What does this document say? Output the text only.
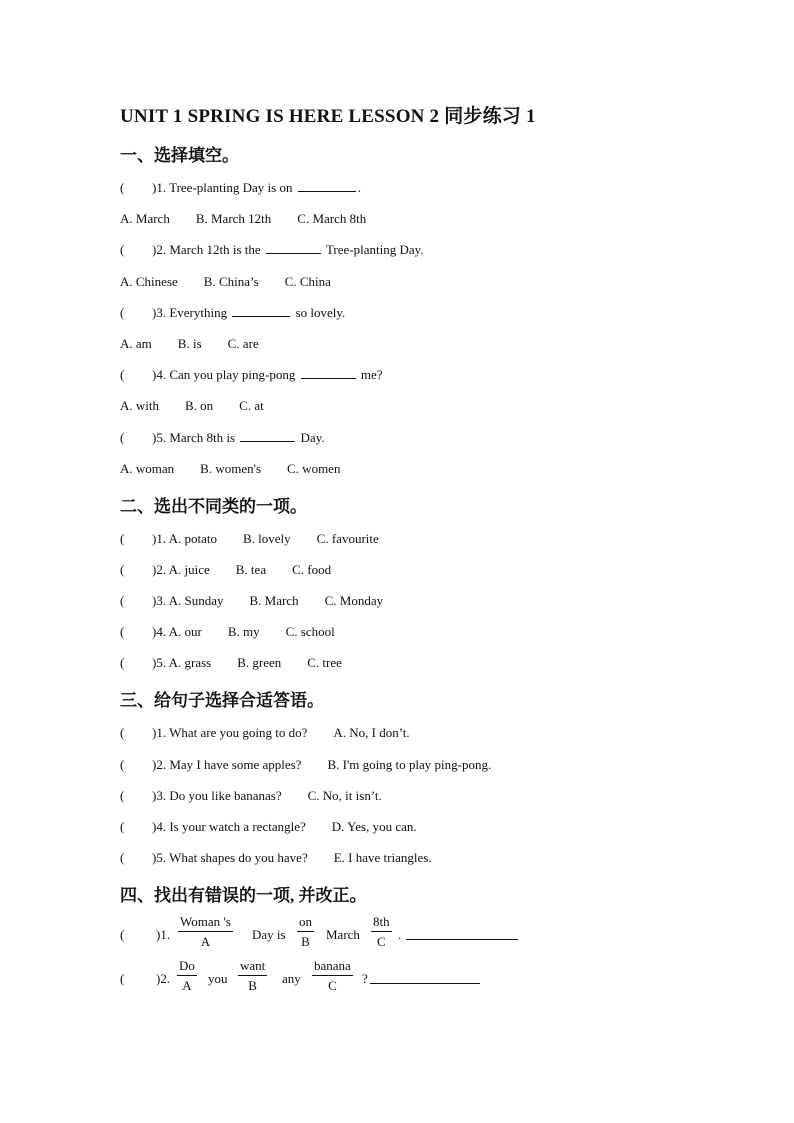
UNIT 1 SPRING IS HERE LESSON 2 同步练习 1
一、选择填空。
( )1. Tree-planting Day is on	.
A. March B. March 12th C. March 8th
( )2. March 12th is the	Tree-planting Day.
A. Chinese B. China’s C. China
( )3. Everything	so lovely.
A. am B. is C. are
( )4. Can you play ping-pong	me?
A. with B. on C. at
( )5. March 8th is	Day.
A. woman B. women's C. women
二、选出不同类的一项。
( )1. A. potato B. lovely C. favourite
( )2. A. juice B. tea C. food
( )3. A. Sunday B. March C. Monday
( )4. A. our B. my C. school
( )5. A. grass B. green C. tree
三、给句子选择合适答语。
( )1. What are you going to do? A. No, I don’t.
( )2. May I have some apples? B. I'm going to play ping-pong.
( )3. Do you like bananas? C. No, it isn’t.
( )4. Is your watch a rectangle? D. Yes, you can.
( )5. What shapes do you have? E. I have triangles.
四、找出有错误的一项, 并改正。
( )1.
Woman 's
A	Day is $\frac{on}{B}$ March $\frac{8th}{C}$ .
( )2. $\frac{Do}{A}$ you
want
B	any
banana
C	?
